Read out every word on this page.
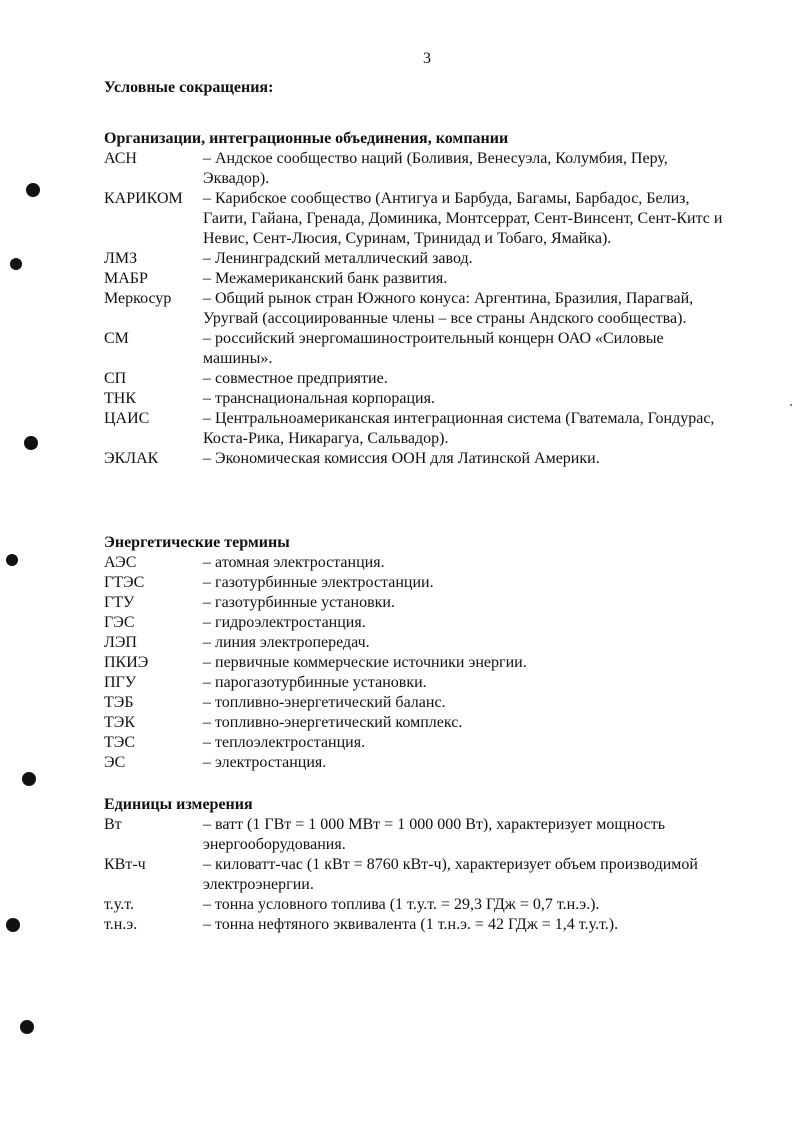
3
Условные сокращения:
Организации, интеграционные объединения, компании
АСН	– Андское сообщество наций (Боливия, Венесуэла, Колумбия, Перу, Эквадор).
КАРИКОМ	– Карибское сообщество (Антигуа и Барбуда, Багамы, Барбадос, Белиз, Гаити, Гайана, Гренада, Доминика, Монтсеррат, Сент-Винсент, Сент-Китс и Невис, Сент-Люсия, Суринам, Тринидад и Тобаго, Ямайка).
ЛМЗ	– Ленинградский металлический завод.
МАБР	– Межамериканский банк развития.
Меркосур	– Общий рынок стран Южного конуса: Аргентина, Бразилия, Парагвай, Уругвай (ассоциированные члены – все страны Андского сообщества).
СМ	– российский энергомашиностроительный концерн ОАО «Силовые машины».
СП	– совместное предприятие.
ТНК	– транснациональная корпорация.
ЦАИС	– Центральноамериканская интеграционная система (Гватемала, Гондурас, Коста-Рика, Никарагуа, Сальвадор).
ЭКЛАК	– Экономическая комиссия ООН для Латинской Америки.
Энергетические термины
АЭС	– атомная электростанция.
ГТЭС	– газотурбинные электростанции.
ГТУ	– газотурбинные установки.
ГЭС	– гидроэлектростанция.
ЛЭП	– линия электропередач.
ПКИЭ	– первичные коммерческие источники энергии.
ПГУ	– парогазотурбинные установки.
ТЭБ	– топливно-энергетический баланс.
ТЭК	– топливно-энергетический комплекс.
ТЭС	– теплоэлектростанция.
ЭС	– электростанция.
Единицы измерения
Вт	– ватт (1 ГВт = 1 000 МВт = 1 000 000 Вт), характеризует мощность энергооборудования.
КВт-ч	– киловатт-час (1 кВт = 8760 кВт-ч), характеризует объем производимой электроэнергии.
т.у.т.	– тонна условного топлива (1 т.у.т. = 29,3 ГДж = 0,7 т.н.э.).
т.н.э.	– тонна нефтяного эквивалента (1 т.н.э. = 42 ГДж = 1,4 т.у.т.).
